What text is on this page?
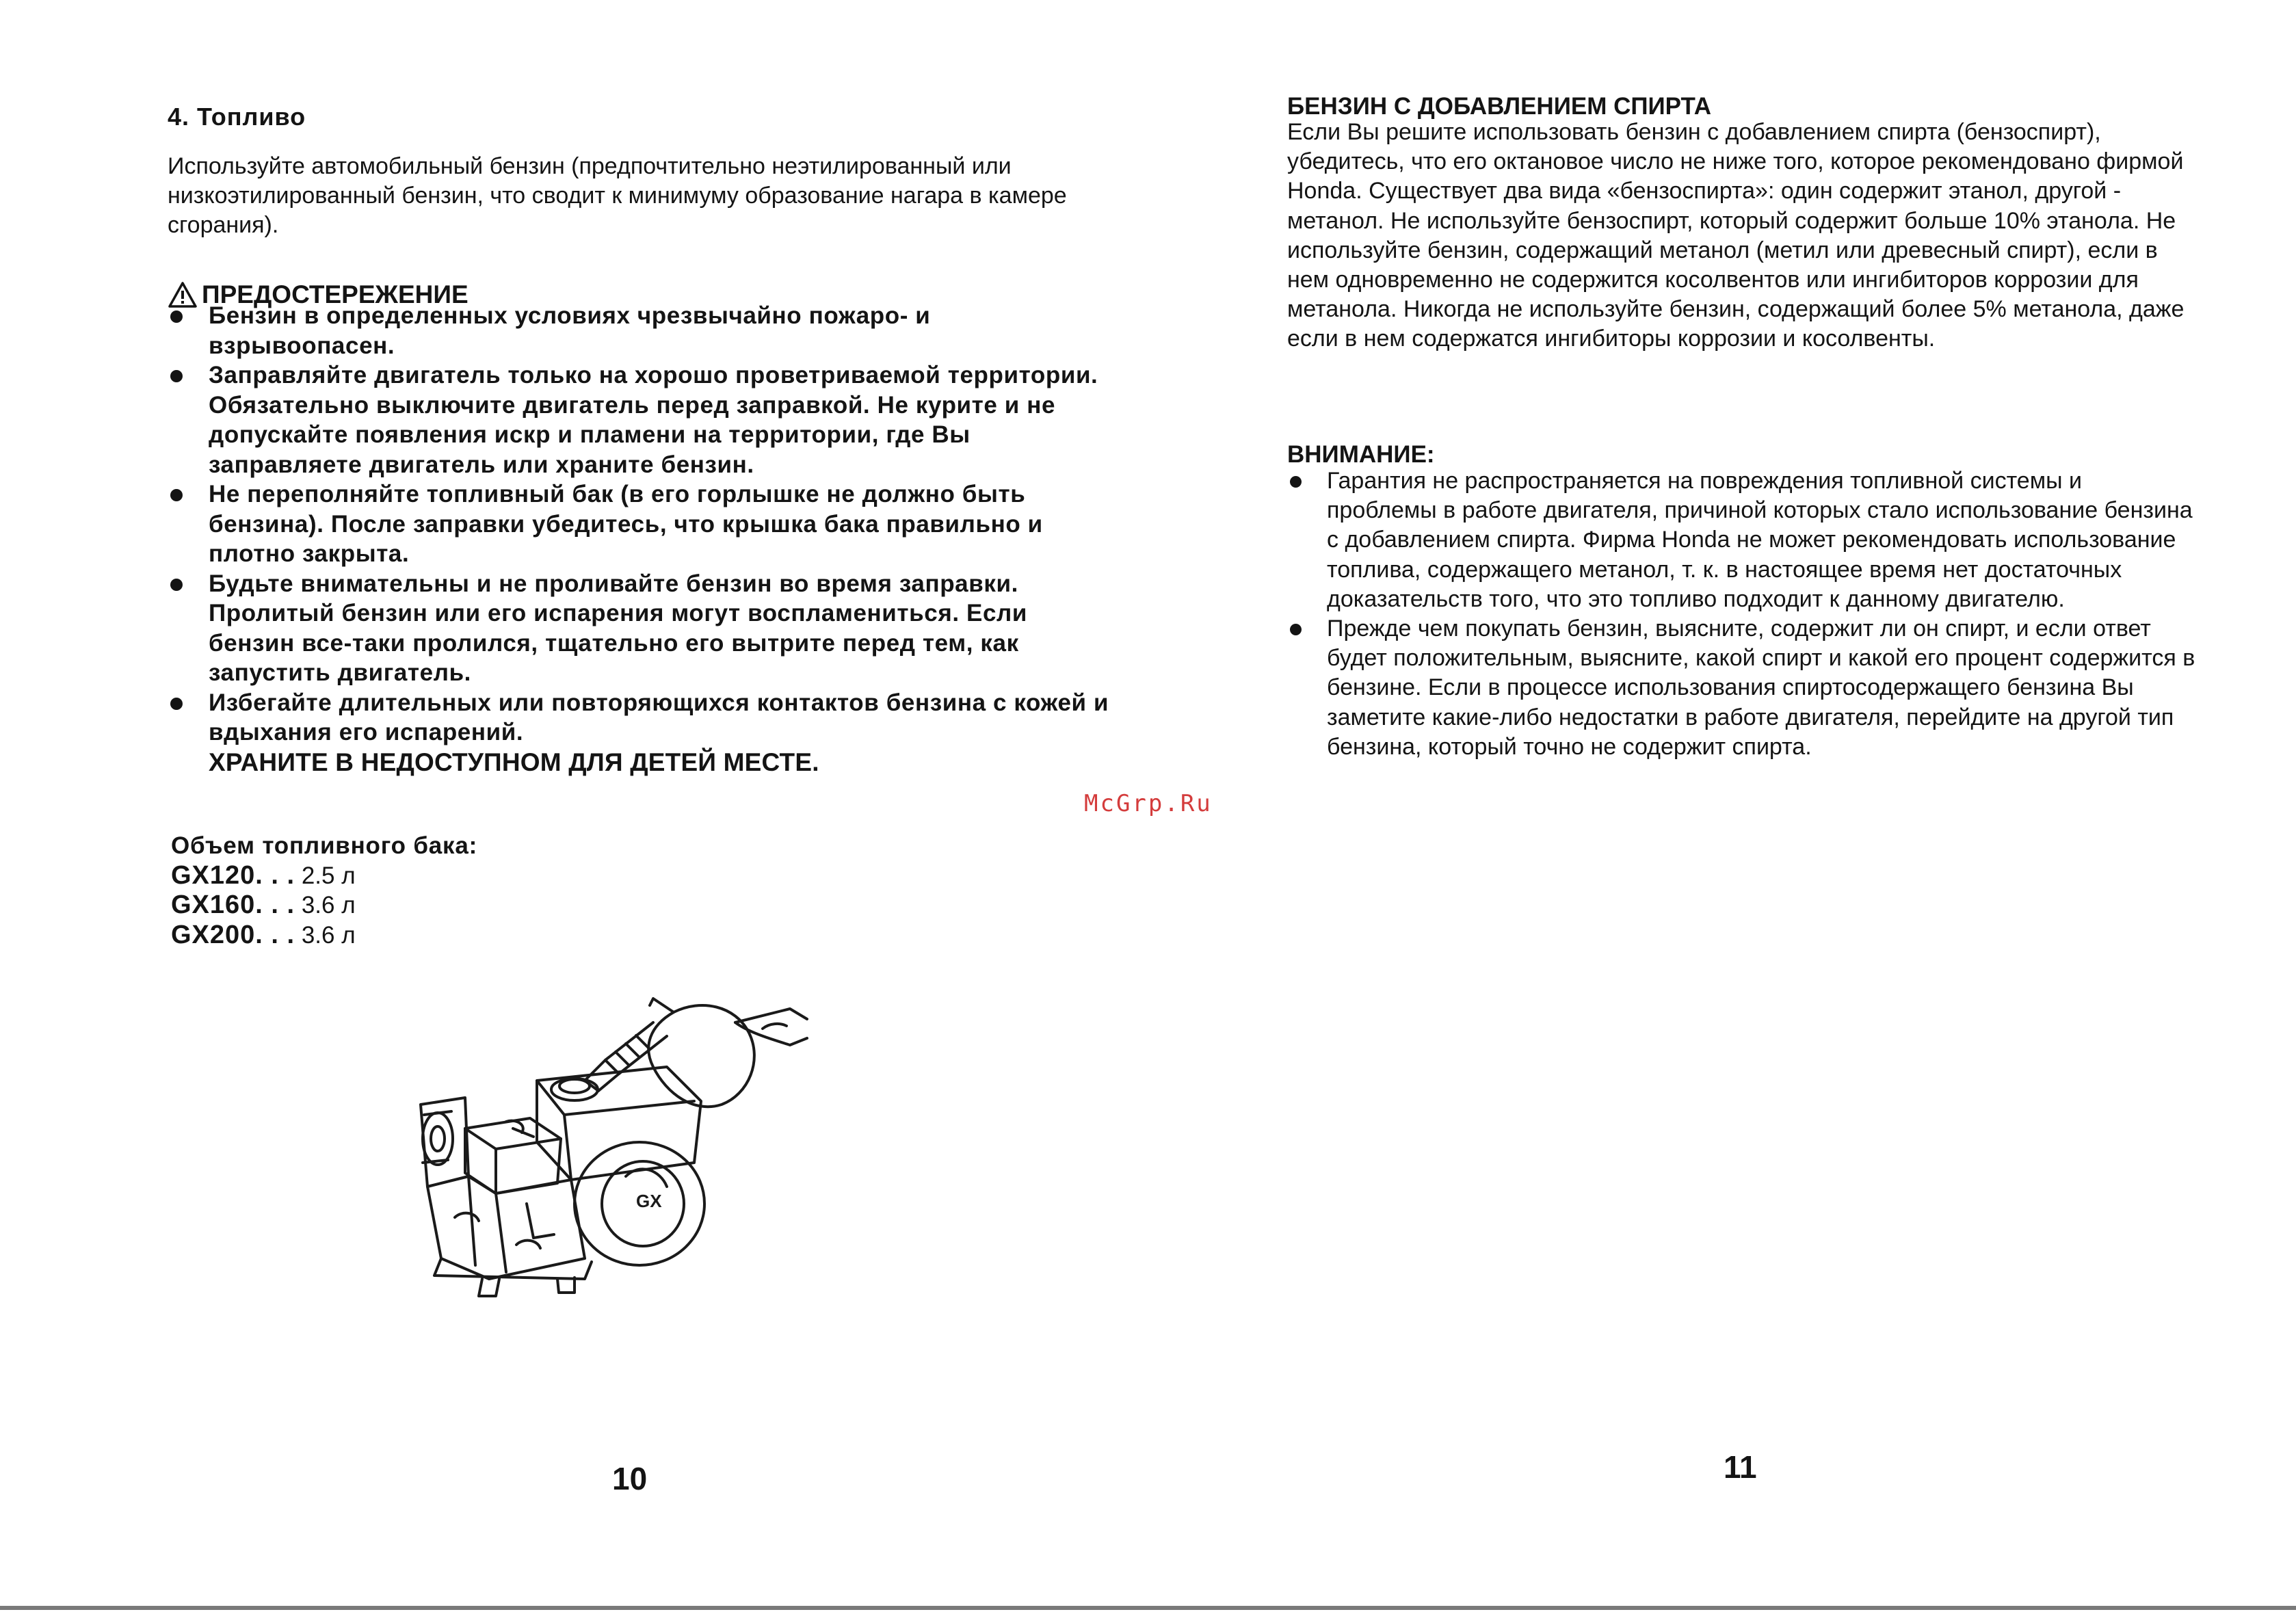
4. Топливо

Используйте автомобильный бензин (предпочтительно неэтилированный или низкоэтилированный бензин, что сводит к минимуму образование нагара в камере сгорания).

ПРЕДОСТЕРЕЖЕНИЕ
Бензин в определенных условиях чрезвычайно пожаро- и взрывоопасен.
Заправляйте двигатель только на хорошо проветриваемой территории. Обязательно выключите двигатель перед заправкой. Не курите и не допускайте появления искр и пламени на территории, где Вы заправляете двигатель или храните бензин.
Не переполняйте топливный бак (в его горлышке не должно быть бензина). После заправки убедитесь, что крышка бака правильно и плотно закрыта.
Будьте внимательны и не проливайте бензин во время заправки. Пролитый бензин или его испарения могут воспламениться. Если бензин все-таки пролился, тщательно его вытрите перед тем, как запустить двигатель.
Избегайте длительных или повторяющихся контактов бензина с кожей и вдыхания его испарений.
ХРАНИТЕ В НЕДОСТУПНОМ ДЛЯ ДЕТЕЙ МЕСТЕ.
Объем топливного бака:
GX120. . . 2.5 л
GX160. . . 3.6 л
GX200. . . 3.6 л
GX

10

McGrp.Ru

БЕНЗИН С ДОБАВЛЕНИЕМ СПИРТА

Если Вы решите использовать бензин с добавлением спирта (бензоспирт), убедитесь, что его октановое число не ниже того, которое рекомендовано фирмой Honda. Существует два вида «бензоспирта»: один содержит этанол, другой - метанол. Не используйте бензоспирт, который содержит больше 10% этанола. Не используйте бензин, содержащий метанол (метил или древесный спирт), если в нем одновременно не содержится косолвентов или ингибиторов коррозии для метанола. Никогда не используйте бензин, содержащий более 5% метанола, даже если в нем содержатся ингибиторы коррозии и косолвенты.

ВНИМАНИЕ:
Гарантия не распространяется на повреждения топливной системы и проблемы в работе двигателя, причиной которых стало использование бензина с добавлением спирта. Фирма Honda не может рекомендовать использование топлива, содержащего метанол, т. к. в настоящее время нет достаточных доказательств того, что это топливо подходит к данному двигателю.
Прежде чем покупать бензин, выясните, содержит ли он спирт, и если ответ будет положительным, выясните, какой спирт и какой его процент содержится в бензине. Если в процессе использования спиртосодержащего бензина Вы заметите какие-либо недостатки в работе двигателя, перейдите на другой тип бензина, который точно не содержит спирта.

11
